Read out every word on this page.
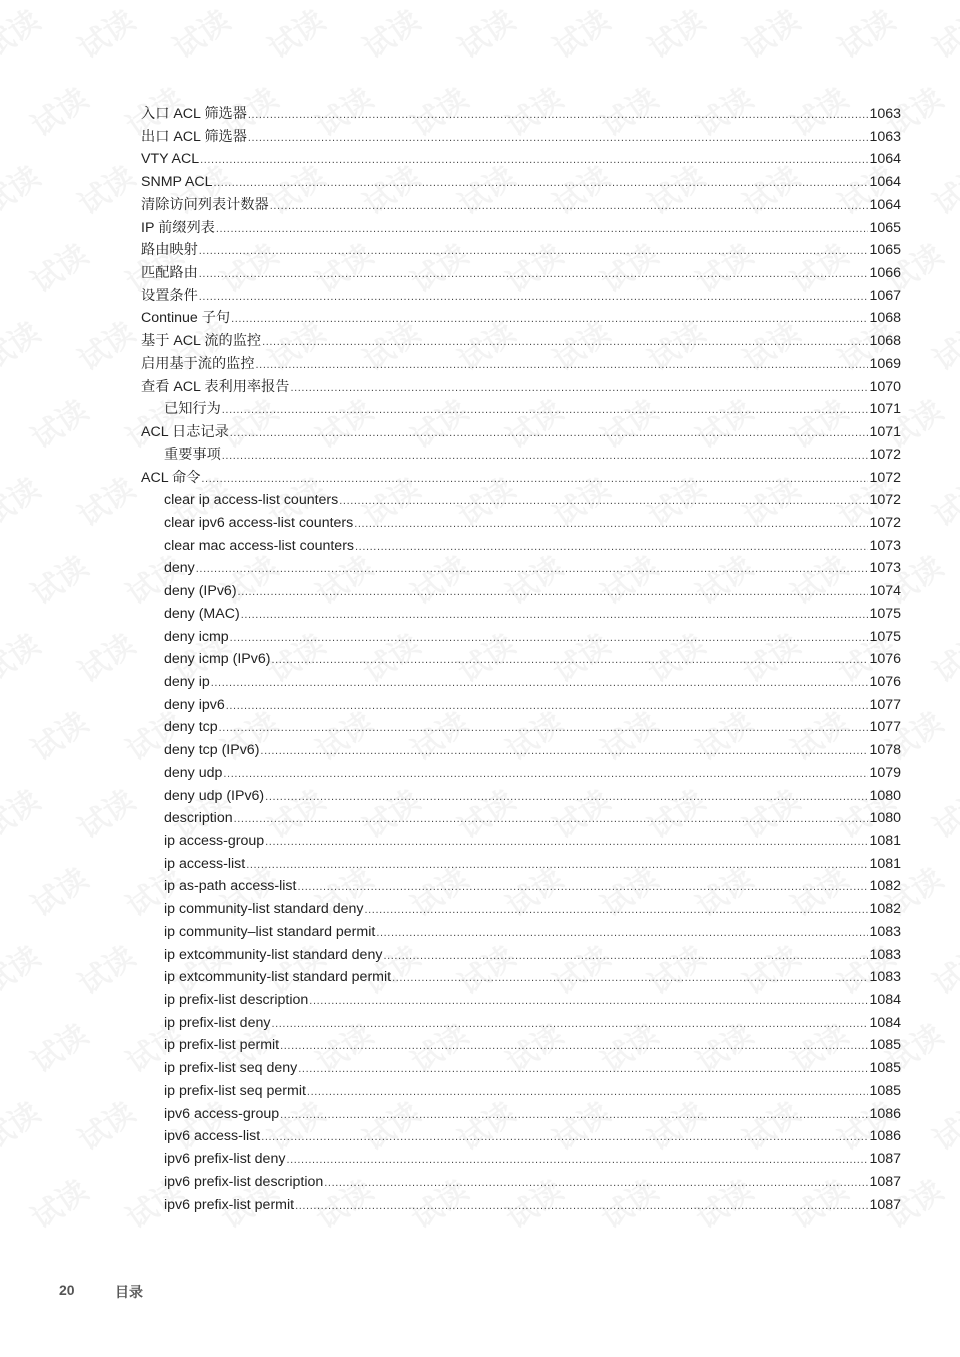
入口 ACL 筛选器 .....	1063
出口 ACL 筛选器 .....	1063
VTY ACL .....	1064
SNMP ACL .....	1064
清除访问列表计数器 .....	1064
IP 前缀列表 .....	1065
路由映射 .....	1065
匹配路由 .....	1066
设置条件 .....	1067
Continue 子句 .....	1068
基于 ACL 流的监控 .....	1068
启用基于流的监控 .....	1069
查看 ACL 表利用率报告 .....	1070
已知行为 .....	1071
ACL 日志记录 .....	1071
重要事项 .....	1072
ACL 命令 .....	1072
clear ip access-list counters .....	1072
clear ipv6 access-list counters .....	1072
clear mac access-list counters .....	1073
deny .....	1073
deny (IPv6) .....	1074
deny (MAC) .....	1075
deny icmp .....	1075
deny icmp (IPv6) .....	1076
deny ip .....	1076
deny ipv6 .....	1077
deny tcp .....	1077
deny tcp (IPv6) .....	1078
deny udp .....	1079
deny udp (IPv6) .....	1080
description .....	1080
ip access-group .....	1081
ip access-list .....	1081
ip as-path access-list .....	1082
ip community-list standard deny .....	1082
ip community–list standard permit .....	1083
ip extcommunity-list standard deny .....	1083
ip extcommunity-list standard permit .....	1083
ip prefix-list description .....	1084
ip prefix-list deny .....	1084
ip prefix-list permit .....	1085
ip prefix-list seq deny .....	1085
ip prefix-list seq permit .....	1085
ipv6 access-group .....	1086
ipv6 access-list .....	1086
ipv6 prefix-list deny .....	1087
ipv6 prefix-list description .....	1087
ipv6 prefix-list permit .....	1087
20	目录
